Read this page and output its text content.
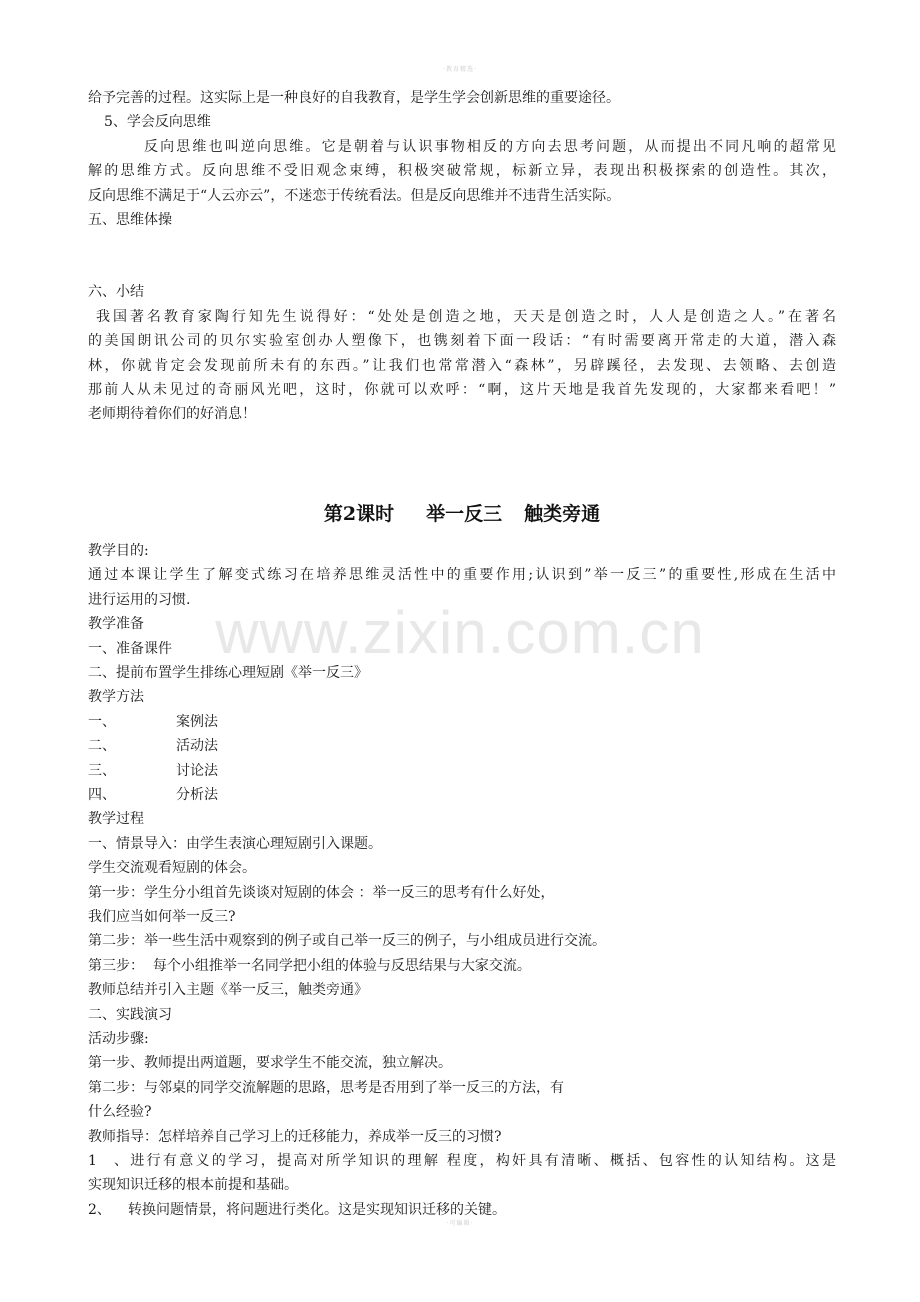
·教育精选·
www.zixin.com.cn
给予完善的过程。这实际上是一种良好的自我教育，是学生学会创新思维的重要途径。
5、学会反向思维
反向思维也叫逆向思维。它是朝着与认识事物相反的方向去思考问题，从而提出不同凡响的超常见
解的思维方式。反向思维不受旧观念束缚，积极突破常规，标新立异，表现出积极探索的创造性。其次，
反向思维不满足于“人云亦云”，不迷恋于传统看法。但是反向思维并不违背生活实际。
五、思维体操
六、小结
我国著名教育家陶行知先生说得好：“处处是创造之地，天天是创造之时，人人是创造之人。”在著名
的美国朗讯公司的贝尔实验室创办人塑像下，也镌刻着下面一段话：“有时需要离开常走的大道，潜入森
林，你就肯定会发现前所未有的东西。”让我们也常常潜入“森林”，另辟蹊径，去发现、去领略、去创造
那前人从未见过的奇丽风光吧，这时，你就可以欢呼：“啊，这片天地是我首先发现的，大家都来看吧！”
老师期待着你们的好消息！
第2课时 举一反三 触类旁通
教学目的:
通过本课让学生了解变式练习在培养思维灵活性中的重要作用;认识到”举一反三”的重要性,形成在生活中
进行运用的习惯.
教学准备
一、准备课件
二、提前布置学生排练心理短剧《举一反三》
教学方法
一、	案例法
二、	活动法
三、	讨论法
四、	分析法
教学过程
一、情景导入：由学生表演心理短剧引入课题。
学生交流观看短剧的体会。
第一步：学生分小组首先谈谈对短剧的体会 ：举一反三的思考有什么好处，
我们应当如何举一反三?
第二步：举一些生活中观察到的例子或自己举一反三的例子，与小组成员进行交流。
第三步：  每个小组推举一名同学把小组的体验与反思结果与大家交流。
教师总结并引入主题《举一反三，触类旁通》
二、实践演习
活动步骤:
第一步、教师提出两道题，要求学生不能交流，独立解决。
第二步：与邻桌的同学交流解题的思路，思考是否用到了举一反三的方法，有
什么经验?
教师指导：怎样培养自己学习上的迁移能力，养成举一反三的习惯?
1、进行有意义的学习，提高对所学知识的理解 程度，构奸具有清晰、概括、包容性的认知结构。这是
实现知识迁移的根本前提和基础。
2、 转换问题情景，将问题进行类化。这是实现知识迁移的关键。
·可编辑·
